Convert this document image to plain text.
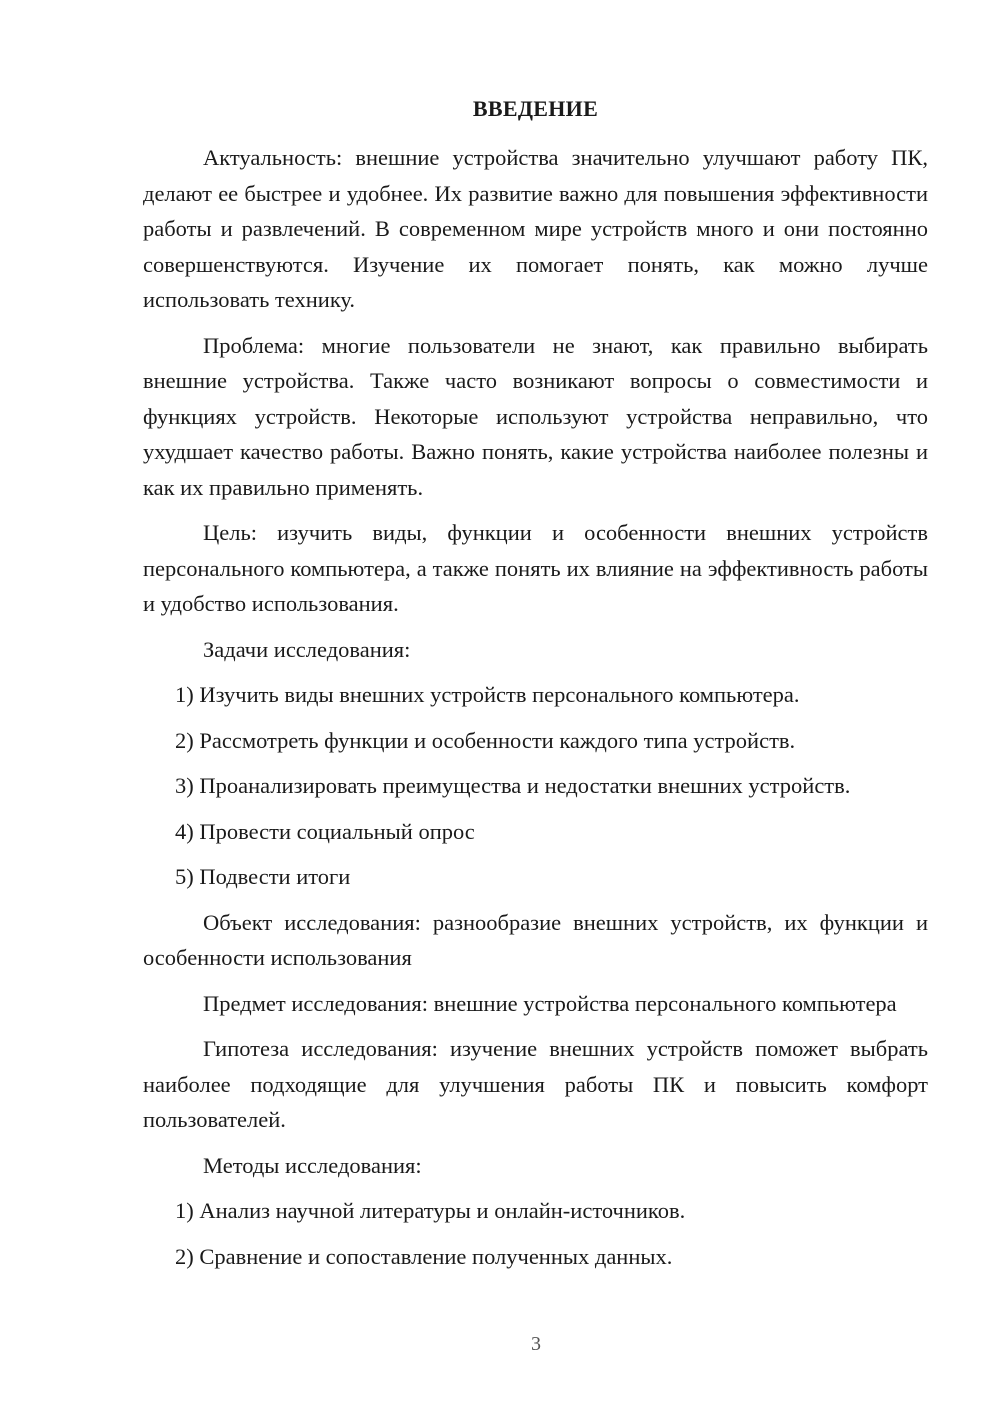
ВВЕДЕНИЕ

Актуальность: внешние устройства значительно улучшают работу ПК, делают ее быстрее и удобнее. Их развитие важно для повышения эффективности работы и развлечений. В современном мире устройств много и они постоянно совершенствуются. Изучение их помогает понять, как можно лучше использовать технику.

Проблема: многие пользователи не знают, как правильно выбирать внешние устройства. Также часто возникают вопросы о совместимости и функциях устройств. Некоторые используют устройства неправильно, что ухудшает качество работы. Важно понять, какие устройства наиболее полезны и как их правильно применять.

Цель: изучить виды, функции и особенности внешних устройств персонального компьютера, а также понять их влияние на эффективность работы и удобство использования.

Задачи исследования:

1) Изучить виды внешних устройств персонального компьютера.

2) Рассмотреть функции и особенности каждого типа устройств.

3) Проанализировать преимущества и недостатки внешних устройств.

4) Провести социальный опрос

5) Подвести итоги

Объект исследования: разнообразие внешних устройств, их функции и особенности использования

Предмет исследования: внешние устройства персонального компьютера

Гипотеза исследования: изучение внешних устройств поможет выбрать наиболее подходящие для улучшения работы ПК и повысить комфорт пользователей.

Методы исследования:

1) Анализ научной литературы и онлайн-источников.

2) Сравнение и сопоставление полученных данных.

3
